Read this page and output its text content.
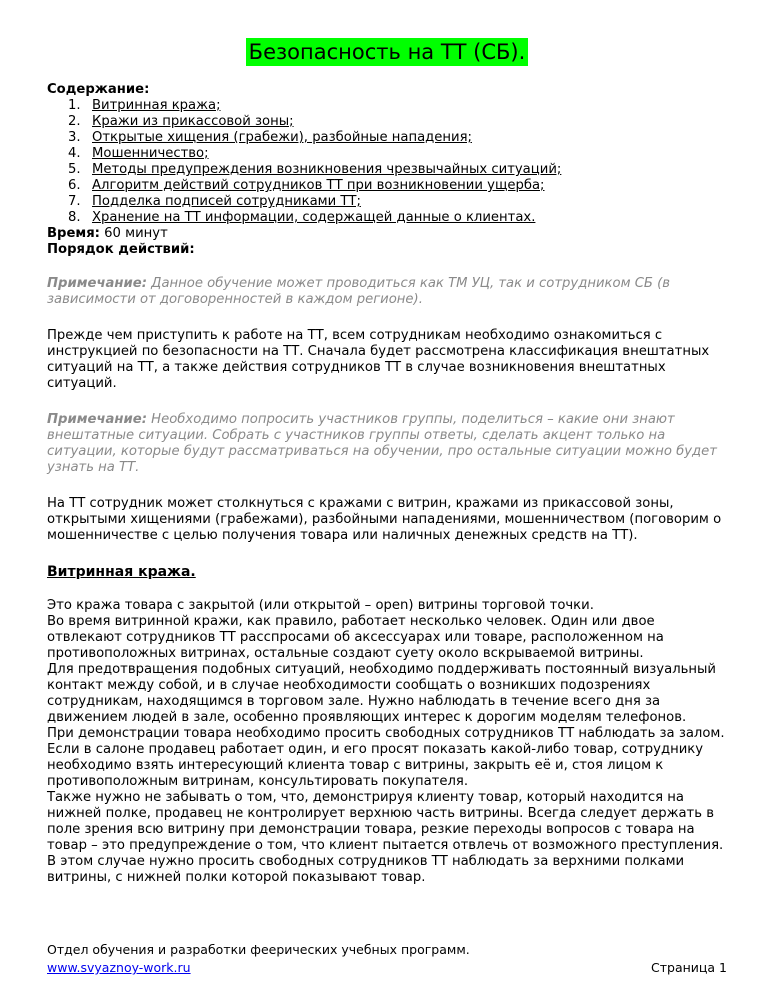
Безопасность на ТТ (СБ).
Содержание:
1. Витринная кража;
2. Кражи из прикассовой зоны;
3. Открытые хищения (грабежи), разбойные нападения;
4. Мошенничество;
5. Методы предупреждения возникновения чрезвычайных ситуаций;
6. Алгоритм действий сотрудников ТТ при возникновении ущерба;
7. Подделка подписей сотрудниками ТТ;
8. Хранение на ТТ информации, содержащей данные о клиентах.
Время: 60 минут
Порядок действий:

Примечание: Данное обучение может проводиться как ТМ УЦ, так и сотрудником СБ (в зависимости от договоренностей в каждом регионе).

Прежде чем приступить к работе на ТТ, всем сотрудникам необходимо ознакомиться с инструкцией по безопасности на ТТ. Сначала будет рассмотрена классификация внештатных ситуаций на ТТ, а также действия сотрудников ТТ в случае возникновения внештатных ситуаций.

Примечание: Необходимо попросить участников группы, поделиться – какие они знают внештатные ситуации. Собрать с участников группы ответы, сделать акцент только на ситуации, которые будут рассматриваться на обучении, про остальные ситуации можно будет узнать на ТТ.

На ТТ сотрудник может столкнуться с кражами с витрин, кражами из прикассовой зоны, открытыми хищениями (грабежами), разбойными нападениями, мошенничеством (поговорим о мошенничестве с целью получения товара или наличных денежных средств на ТТ).

Витринная кража.

Это кража товара с закрытой (или открытой – open) витрины торговой точки.

Во время витринной кражи, как правило, работает несколько человек. Один или двое отвлекают сотрудников ТТ расспросами об аксессуарах или товаре, расположенном на противоположных витринах, остальные создают суету около вскрываемой витрины.

Для предотвращения подобных ситуаций, необходимо поддерживать постоянный визуальный контакт между собой, и в случае необходимости сообщать о возникших подозрениях сотрудникам, находящимся в торговом зале. Нужно наблюдать в течение всего дня за движением людей в зале, особенно проявляющих интерес к дорогим моделям телефонов.

При демонстрации товара необходимо просить свободных сотрудников ТТ наблюдать за залом.

Если в салоне продавец работает один, и его просят показать какой-либо товар, сотруднику необходимо взять интересующий клиента товар с витрины, закрыть её и, стоя лицом к противоположным витринам, консультировать покупателя.

Также нужно не забывать о том, что, демонстрируя клиенту товар, который находится на нижней полке, продавец не контролирует верхнюю часть витрины. Всегда следует держать в поле зрения всю витрину при демонстрации товара, резкие переходы вопросов с товара на товар – это предупреждение о том, что клиент пытается отвлечь от возможного преступления. В этом случае нужно просить свободных сотрудников ТТ наблюдать за верхними полками витрины, с нижней полки которой показывают товар.

Отдел обучения и разработки феерических учебных программ.
www.svyaznoy-work.ru	Страница 1
